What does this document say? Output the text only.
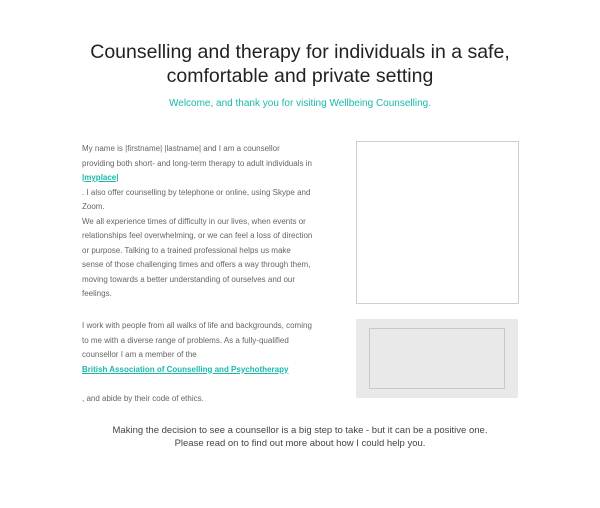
Counselling and therapy for individuals in a safe,
comfortable and private setting
Welcome, and thank you for visiting Wellbeing Counselling.
My name is |firstname| |lastname| and I am a counsellor
providing both short- and long-term therapy to adult individuals in
|myplace|
. I also offer counselling by telephone or online, using Skype and
Zoom.
We all experience times of difficulty in our lives, when events or
relationships feel overwhelming, or we can feel a loss of direction
or purpose. Talking to a trained professional helps us make
sense of those challenging times and offers a way through them,
moving towards a better understanding of ourselves and our
feelings.
I work with people from all walks of life and backgrounds, coming
to me with a diverse range of problems. As a fully-qualified
counsellor I am a member of the
British Association of Counselling and Psychotherapy
, and abide by their code of ethics.
Making the decision to see a counsellor is a big step to take - but it can be a positive one.
Please read on to find out more about how I could help you.
